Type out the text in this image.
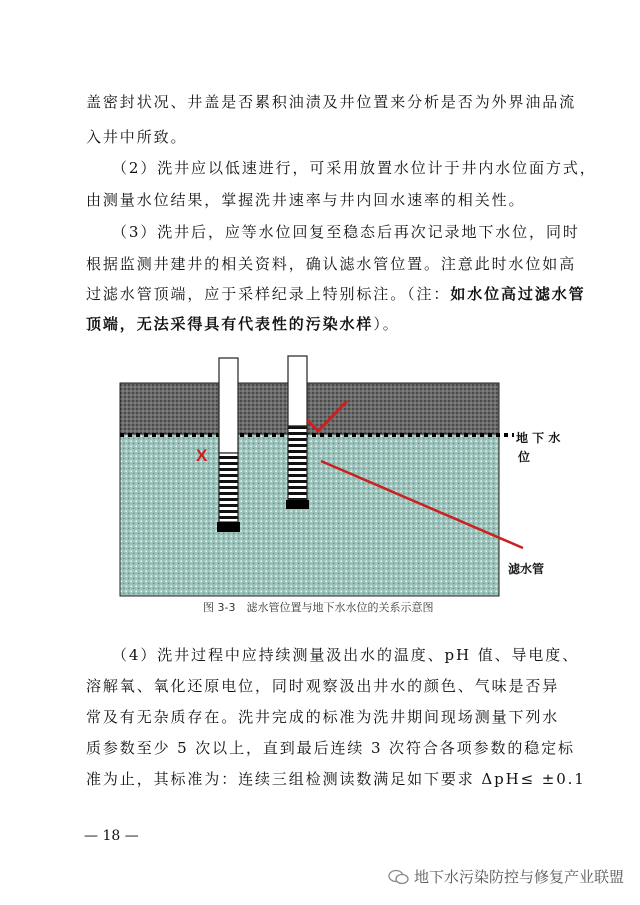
盖密封状况、井盖是否累积油渍及井位置来分析是否为外界油品流
入井中所致。
（2）洗井应以低速进行，可采用放置水位计于井内水位面方式，
由测量水位结果，掌握洗井速率与井内回水速率的相关性。
（3）洗井后，应等水位回复至稳态后再次记录地下水位，同时
根据监测井建井的相关资料，确认滤水管位置。注意此时水位如高
过滤水管顶端，应于采样纪录上特别标注。（注：如水位高过滤水管
顶端，无法采得具有代表性的污染水样）。
X
地 下 水
位
滤水管
图 3-3　滤水管位置与地下水水位的关系示意图
（4）洗井过程中应持续测量汲出水的温度、pH 值、导电度、
溶解氧、氧化还原电位，同时观察汲出井水的颜色、气味是否异
常及有无杂质存在。洗井完成的标准为洗井期间现场测量下列水
质参数至少 5 次以上，直到最后连续 3 次符合各项参数的稳定标
准为止，其标准为：连续三组检测读数满足如下要求 ΔpH≤ ±0.1
— 18 —
地下水污染防控与修复产业联盟
